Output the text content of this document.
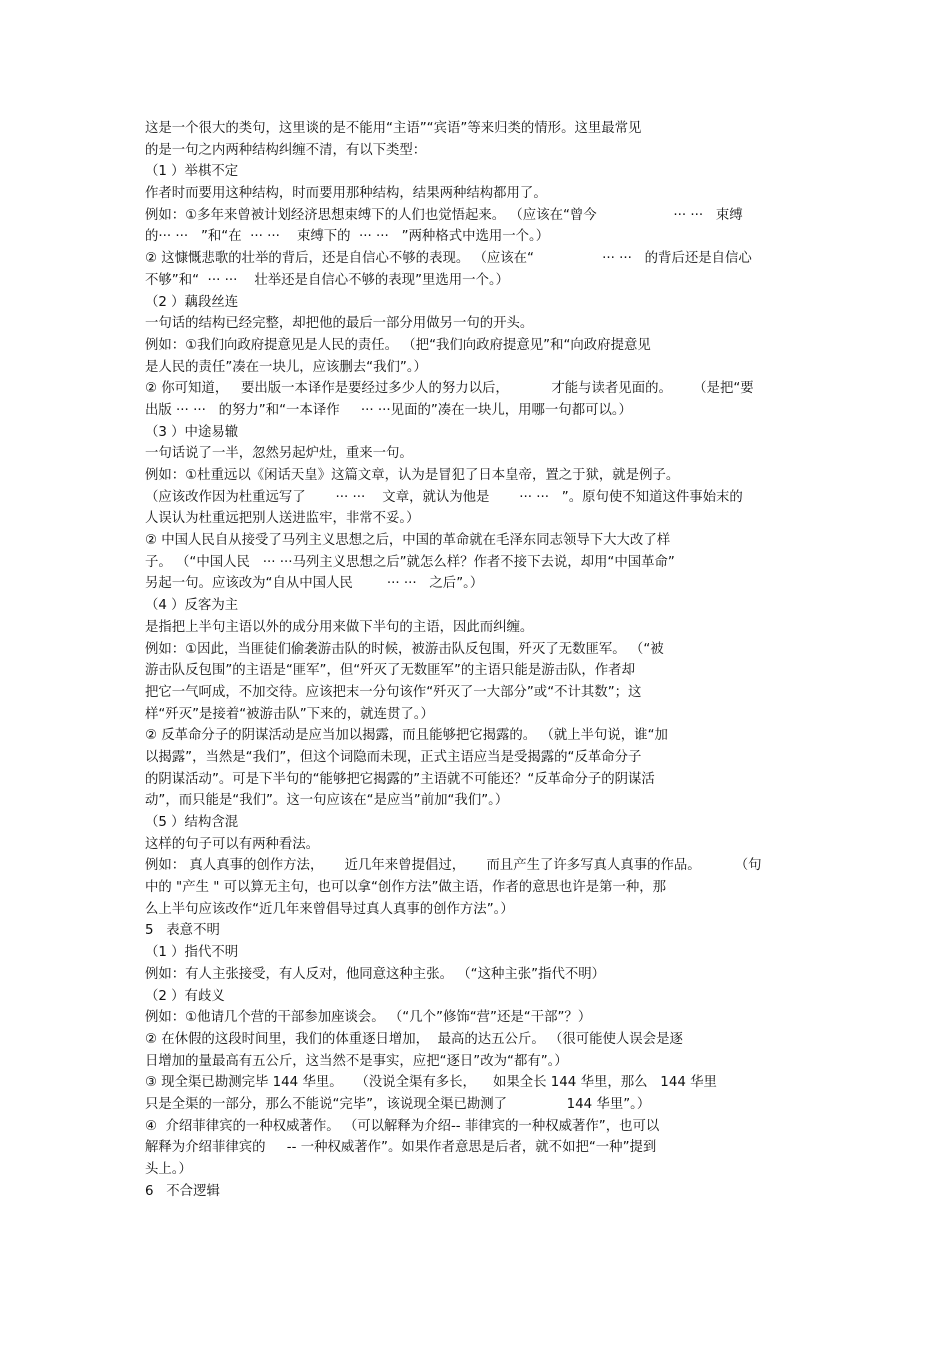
这是一个很大的类句，这里谈的是不能用“主语”“宾语”等来归类的情形。这里最常见
的是一句之内两种结构纠缠不清，有以下类型：
（1 ）举棋不定
作者时而要用这种结构，时而要用那种结构，结果两种结构都用了。
例如：①多年来曾被计划经济思想束缚下的人们也觉悟起来。 （应该在“曾今                  ··· ···   束缚
的··· ···   ”和“在  ··· ···    束缚下的  ··· ···   ”两种格式中选用一个。）
② 这慷慨悲歌的壮举的背后，还是自信心不够的表现。 （应该在“                ··· ···   的背后还是自信心
不够”和“  ··· ···    壮举还是自信心不够的表现”里选用一个。）
（2 ）藕段丝连
一句话的结构已经完整，却把他的最后一部分用做另一句的开头。
例如：①我们向政府提意见是人民的责任。 （把“我们向政府提意见”和“向政府提意见
是人民的责任”凑在一块儿，应该删去“我们”。）
② 你可知道，   要出版一本译作是要经过多少人的努力以后，          才能与读者见面的。     （是把“要
出版 ··· ···   的努力”和“一本译作     ··· ···见面的”凑在一块儿，用哪一句都可以。）
（3 ）中途易辙
一句话说了一半，忽然另起炉灶，重来一句。
例如：①杜重远以《闲话天皇》这篇文章，认为是冒犯了日本皇帝，置之于狱，就是例子。
（应该改作因为杜重远写了       ··· ···    文章，就认为他是       ··· ···   ”。原句使不知道这件事始末的
人误认为杜重远把别人送进监牢，非常不妥。）
② 中国人民自从接受了马列主义思想之后，中国的革命就在毛泽东同志领导下大大改了样
子。 （“中国人民   ··· ···马列主义思想之后”就怎么样？作者不接下去说，却用“中国革命”
另起一句。应该改为“自从中国人民        ··· ···   之后”。）
（4 ）反客为主
是指把上半句主语以外的成分用来做下半句的主语，因此而纠缠。
例如：①因此，当匪徒们偷袭游击队的时候，被游击队反包围，歼灭了无数匪军。 （“被
游击队反包围”的主语是“匪军”，但“歼灭了无数匪军”的主语只能是游击队，作者却
把它一气呵成，不加交待。应该把末一分句该作“歼灭了一大部分”或“不计其数”；这
样“歼灭”是接着“被游击队”下来的，就连贯了。）
② 反革命分子的阴谋活动是应当加以揭露，而且能够把它揭露的。 （就上半句说，谁“加
以揭露”，当然是“我们”，但这个词隐而未现，正式主语应当是受揭露的“反革命分子
的阴谋活动”。可是下半句的“能够把它揭露的”主语就不可能还？“反革命分子的阴谋活
动”，而只能是“我们”。这一句应该在“是应当”前加“我们”。）
（5 ）结构含混
这样的句子可以有两种看法。
例如： 真人真事的创作方法，     近几年来曾提倡过，     而且产生了许多写真人真事的作品。        （句
中的 "产生 " 可以算无主句，也可以拿“创作方法”做主语，作者的意思也许是第一种，那
么上半句应该改作“近几年来曾倡导过真人真事的创作方法”。）
5   表意不明
（1 ）指代不明
例如：有人主张接受，有人反对，他同意这种主张。 （“这种主张”指代不明）
（2 ）有歧义
例如：①他请几个营的干部参加座谈会。 （“几个”修饰“营”还是“干部”？）
② 在休假的这段时间里，我们的体重逐日增加，  最高的达五公斤。 （很可能使人误会是逐
日增加的量最高有五公斤，这当然不是事实，应把“逐日”改为“都有”。）
③ 现全渠已勘测完毕 144 华里。   （没说全渠有多长，    如果全长 144 华里，那么   144 华里
只是全渠的一部分，那么不能说“完毕”，该说现全渠已勘测了              144 华里”。）
④  介绍菲律宾的一种权威著作。 （可以解释为介绍-- 菲律宾的一种权威著作”，也可以
解释为介绍菲律宾的     -- 一种权威著作”。如果作者意思是后者，就不如把“一种”提到
头上。）
6   不合逻辑
